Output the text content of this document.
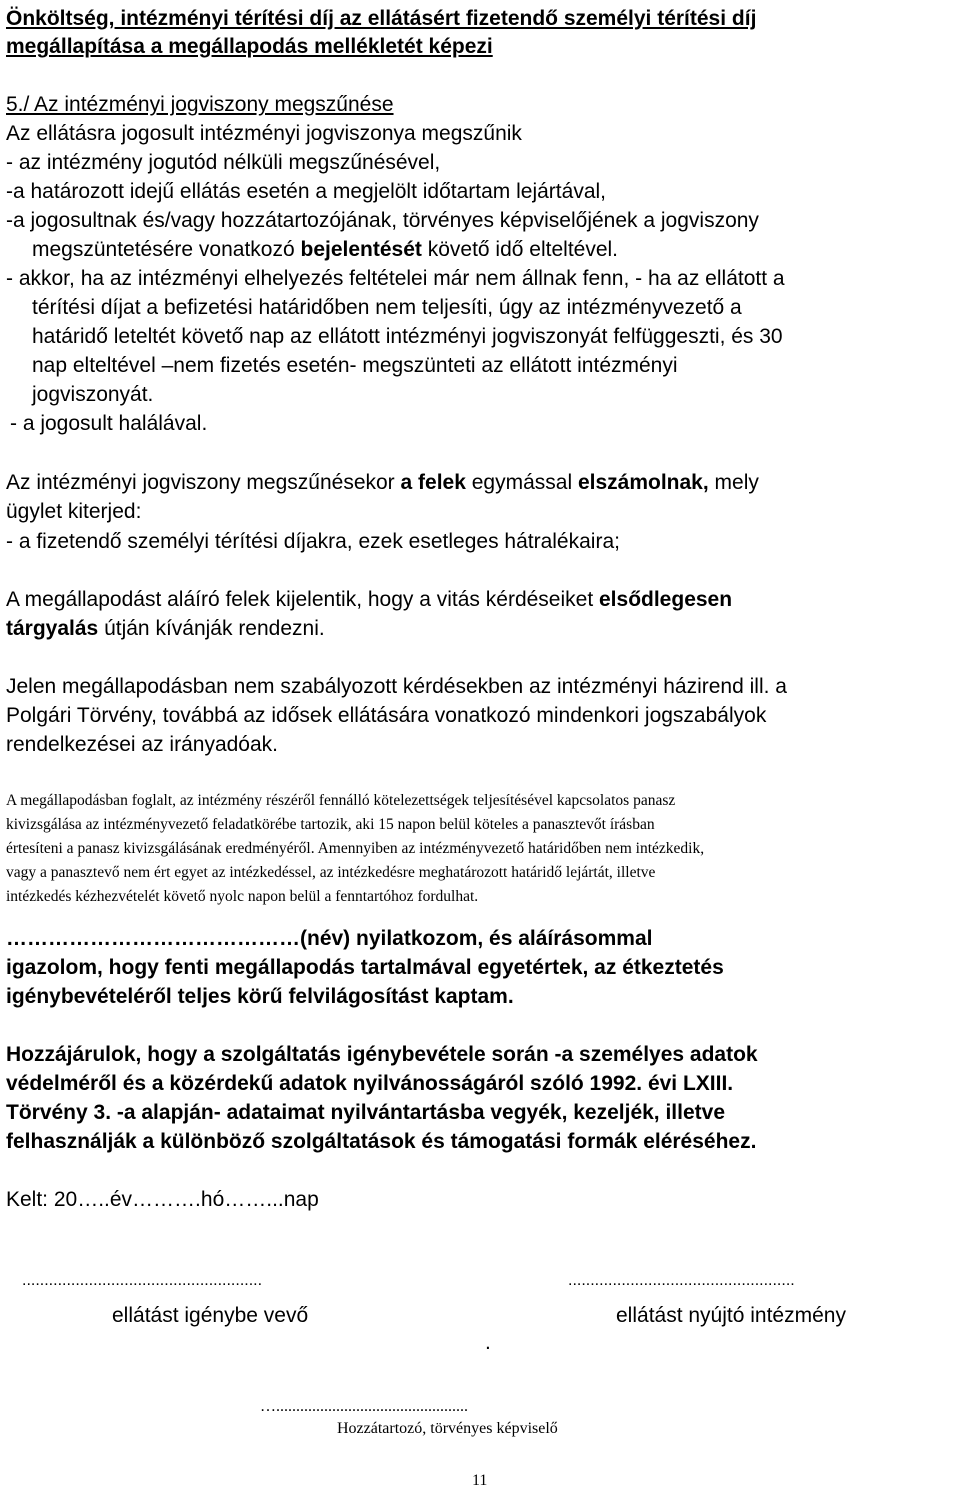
Önköltség, intézményi térítési díj az ellátásért fizetendő személyi térítési díj
megállapítása a megállapodás mellékletét képezi
5./ Az intézményi jogviszony megszűnése
Az ellátásra jogosult intézményi jogviszonya megszűnik
- az intézmény jogutód nélküli megszűnésével,
-a határozott idejű ellátás esetén a megjelölt időtartam lejártával,
-a jogosultnak és/vagy hozzátartozójának, törvényes képviselőjének a jogviszony
megszüntetésére vonatkozó bejelentését követő idő elteltével.
- akkor, ha az intézményi elhelyezés feltételei már nem állnak fenn, - ha az ellátott a
térítési díjat a befizetési határidőben nem teljesíti, úgy az intézményvezető a
határidő leteltét követő nap az ellátott intézményi jogviszonyát felfüggeszti, és 30
nap elteltével –nem fizetés esetén- megszünteti az ellátott intézményi
jogviszonyát.
- a jogosult halálával.
Az intézményi jogviszony megszűnésekor a felek egymással elszámolnak, mely
ügylet kiterjed:
- a fizetendő személyi térítési díjakra, ezek esetleges hátralékaira;
A megállapodást aláíró felek kijelentik, hogy a vitás kérdéseiket elsődlegesen
tárgyalás útján kívánják rendezni.
Jelen megállapodásban nem szabályozott kérdésekben az intézményi házirend ill. a
Polgári Törvény, továbbá az idősek ellátására vonatkozó mindenkori jogszabályok
rendelkezései az irányadóak.
A megállapodásban foglalt, az intézmény részéről fennálló kötelezettségek teljesítésével kapcsolatos panasz
kivizsgálása az intézményvezető feladatkörébe tartozik, aki 15 napon belül köteles a panasztevőt írásban
értesíteni a panasz kivizsgálásának eredményéről. Amennyiben az intézményvezető határidőben nem intézkedik,
vagy a panasztevő nem ért egyet az intézkedéssel, az intézkedésre meghatározott határidő lejártát, illetve
intézkedés kézhezvételét követő nyolc napon belül a fenntartóhoz fordulhat.
……………………………………(név) nyilatkozom, és aláírásommal
igazolom, hogy fenti megállapodás tartalmával egyetértek, az étkeztetés
igénybevételéről teljes körű felvilágosítást kaptam.
Hozzájárulok, hogy a szolgáltatás igénybevétele során -a személyes adatok
védelméről és a közérdekű adatok nyilvánosságáról szóló 1992. évi LXIII.
Törvény 3. -a alapján- adataimat nyilvántartásba vegyék, kezeljék, illetve
felhasználják a különböző szolgáltatások és támogatási formák eléréséhez.
Kelt: 20…..év……….hó……...nap
......................................................
ellátást igénybe vevő
...................................................
ellátást nyújtó intézmény
.
…................................................
Hozzátartozó, törvényes képviselő
11
